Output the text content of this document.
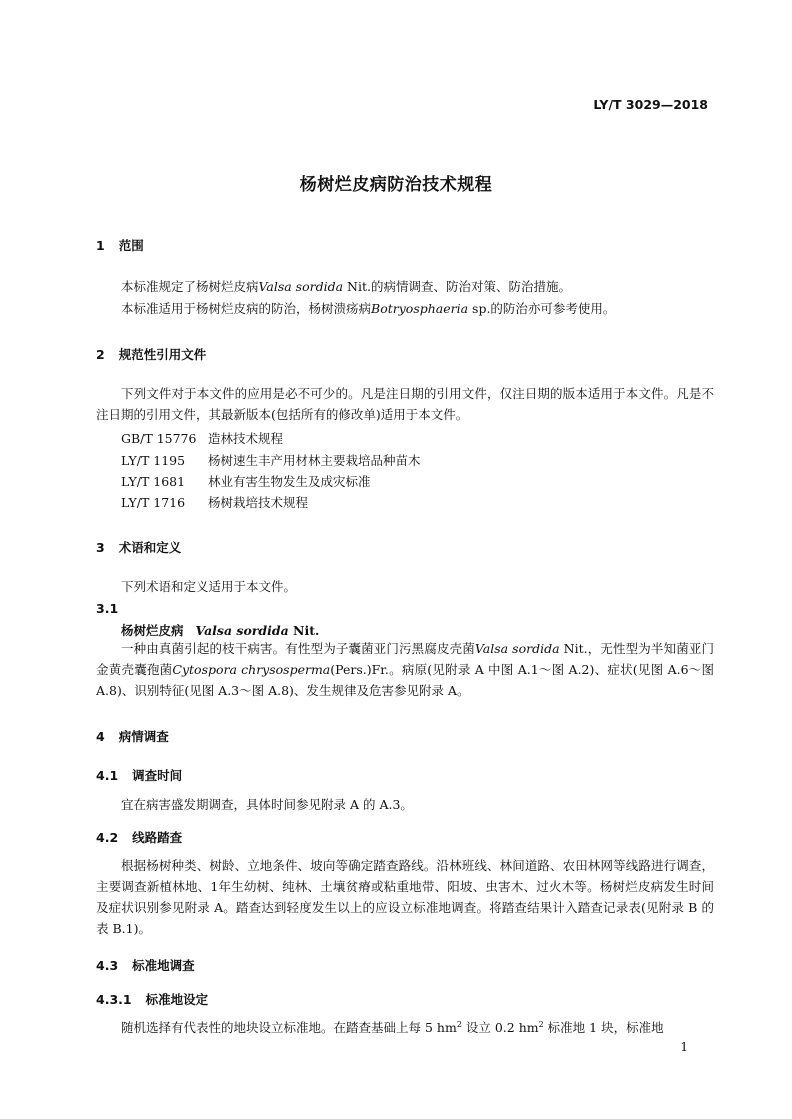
LY/T 3029—2018
杨树烂皮病防治技术规程
1 范围
本标准规定了杨树烂皮病Valsa sordida Nit.的病情调查、防治对策、防治措施。
本标准适用于杨树烂皮病的防治，杨树溃疡病Botryosphaeria sp.的防治亦可参考使用。
2 规范性引用文件
下列文件对于本文件的应用是必不可少的。凡是注日期的引用文件，仅注日期的版本适用于本文件。凡是不注日期的引用文件，其最新版本(包括所有的修改单)适用于本文件。
GB/T 15776 造林技术规程
LY/T 1195 杨树速生丰产用材林主要栽培品种苗木
LY/T 1681 林业有害生物发生及成灾标准
LY/T 1716 杨树栽培技术规程
3 术语和定义
下列术语和定义适用于本文件。
3.1
杨树烂皮病 Valsa sordida Nit.
一种由真菌引起的枝干病害。有性型为子囊菌亚门污黑腐皮壳菌Valsa sordida Nit.，无性型为半知菌亚门金黄壳囊孢菌Cytospora chrysosperma(Pers.)Fr.。病原(见附录 A 中图 A.1～图 A.2)、症状(见图 A.6～图 A.8)、识别特征(见图 A.3～图 A.8)、发生规律及危害参见附录 A。
4 病情调查
4.1 调查时间
宜在病害盛发期调查，具体时间参见附录 A 的 A.3。
4.2 线路踏查
根据杨树种类、树龄、立地条件、坡向等确定踏查路线。沿林班线、林间道路、农田林网等线路进行调查，主要调查新植林地、1年生幼树、纯林、土壤贫瘠或粘重地带、阳坡、虫害木、过火木等。杨树烂皮病发生时间及症状识别参见附录 A。踏查达到轻度发生以上的应设立标准地调查。将踏查结果计入踏查记录表(见附录 B 的表 B.1)。
4.3 标准地调查
4.3.1 标准地设定
随机选择有代表性的地块设立标准地。在踏查基础上每 5 $hm^2$ 设立 0.2 $hm^2$ 标准地 1 块，标准地
1
